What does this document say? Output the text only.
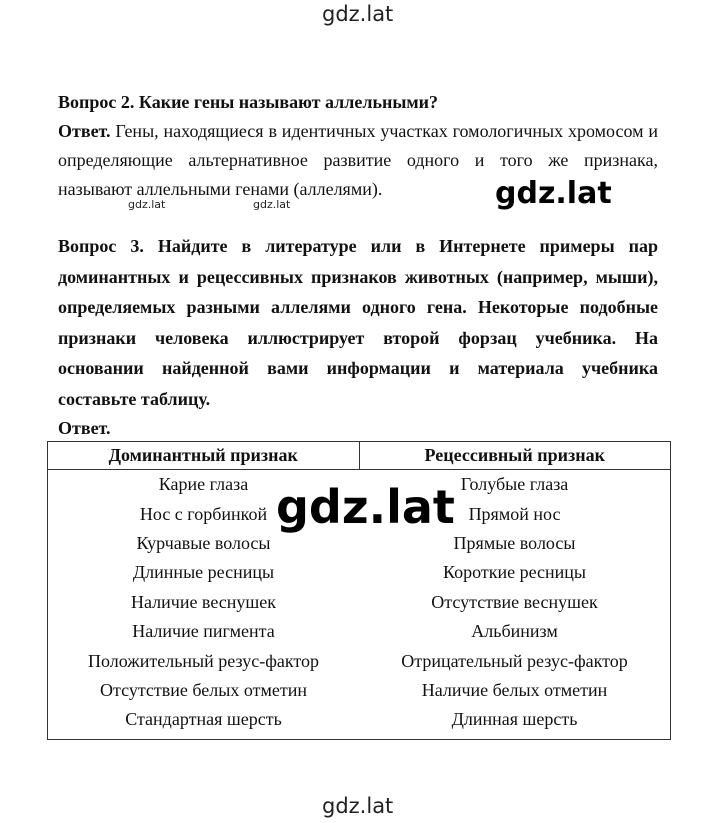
gdz.lat
Вопрос 2. Какие гены называют аллельными?
Ответ. Гены, находящиеся в идентичных участках гомологичных хромосом и определяющие альтернативное развитие одного и того же признака, называют аллельными генами (аллелями).	gdz.lat
gdz.lat	gdz.lat
Вопрос 3. Найдите в литературе или в Интернете примеры пар доминантных и рецессивных признаков животных (например, мыши), определяемых разными аллелями одного гена. Некоторые подобные признаки человека иллюстрирует второй форзац учебника. На основании найденной вами информации и материала учебника составьте таблицу.
Ответ.
Доминантный признак	Рецессивный признак
Карие глаза	Голубые глаза
Нос с горбинкой	Прямой нос
Курчавые волосы	Прямые волосы
Длинные ресницы	Короткие ресницы
Наличие веснушек	Отсутствие веснушек
Наличие пигмента	Альбинизм
Положительный резус-фактор	Отрицательный резус-фактор
Отсутствие белых отметин	Наличие белых отметин
Стандартная шерсть	Длинная шерсть
gdz.lat
gdz.lat
